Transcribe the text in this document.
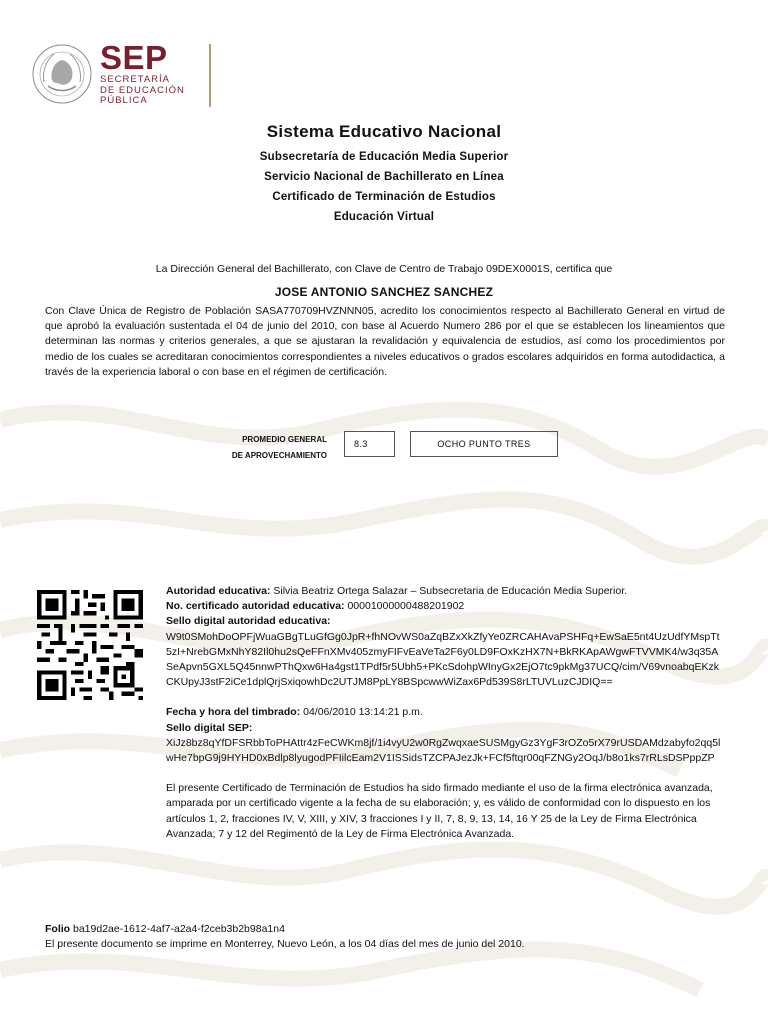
SEP
SECRETARÍA
DE EDUCACIÓN
PÚBLICA
Sistema Educativo Nacional
Subsecretaría de Educación Media Superior
Servicio Nacional de Bachillerato en Línea
Certificado de Terminación de Estudios
Educación Virtual
La Dirección General del Bachillerato, con Clave de Centro de Trabajo 09DEX0001S, certifica que
JOSE ANTONIO SANCHEZ SANCHEZ
Con Clave Única de Registro de Población SASA770709HVZNNN05, acredito los conocimientos respecto al Bachillerato General en virtud de que aprobó la evaluación sustentada el 04 de junio del 2010, con base al Acuerdo Numero 286 por el que se establecen los lineamientos que determinan las normas y criterios generales, a que se ajustaran la revalidación y equivalencia de estudios, así como los procedimientos por medio de los cuales se acreditaran conocimientos correspondientes a niveles educativos o grados escolares adquiridos en forma autodidactica, a través de la experiencia laboral o con base en el régimen de certificación.
PROMEDIO GENERAL
DE APROVECHAMIENTO
8.3	OCHO PUNTO TRES
Autoridad educativa: Silvia Beatriz Ortega Salazar – Subsecretaria de Educación Media Superior.
No. certificado autoridad educativa: 00001000000488201902
Sello digital autoridad educativa:
W9t0SMohDoOPFjWuaGBgTLuGfGg0JpR+fhNOvWS0aZqBZxXkZfyYe0ZRCAHAvaPSHFq+EwSaE5nt4UzUdfYMspTt5zI+NrebGMxNhY82Il0hu2sQeFFnXMv405zmyFIFvEaVeTa2F6y0LD9FOxKzHX7N+BkRKApAWgwFTVVMK4/w3q35ASeApvn5GXL5Q45nnwPThQxw6Ha4gst1TPdf5r5Ubh5+PKcSdohpWInyGx2EjO7tc9pkMg37UCQ/cim/V69vnoabqEKzkCKUpyJ3stF2iCe1dplQrjSxiqowhDc2UTJM8PpLY8BSpcwwWiZax6Pd539S8rLTUVLuzCJDIQ==
Fecha y hora del timbrado: 04/06/2010 13:14:21 p.m.
Sello digital SEP:
XiJz8bz8qYfDFSRbbToPHAttr4zFeCWKm8jf/1i4vyU2w0RgZwqxaeSUSMgyGz3YgF3rOZo5rX79rUSDAMdzabyfo2qq5lwHe7bpG9j9HYHD0xBdlp8lyugodPFIilcEam2V1ISSidsTZCPAJezJk+FCf5ftqr00qFZNGy2OqJ/b8o1ks7rRLsDSPppZP
El presente Certificado de Terminación de Estudios ha sido firmado mediante el uso de la firma electrónica avanzada, amparada por un certificado vigente a la fecha de su elaboración; y, es válido de conformidad con lo dispuesto en los artículos 1, 2, fracciones IV, V, XIII, y XIV, 3 fracciones I y II, 7, 8, 9, 13, 14, 16 Y 25 de la Ley de Firma Electrónica Avanzada; 7 y 12 del Regimentó de la Ley de Firma Electrónica Avanzada.
Folio ba19d2ae-1612-4af7-a2a4-f2ceb3b2b98a1n4
El presente documento se imprime en Monterrey, Nuevo León, a los 04 días del mes de junio del 2010.
